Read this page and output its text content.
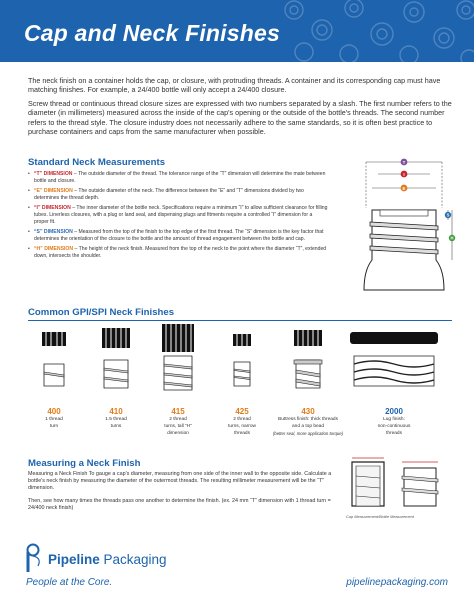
Cap and Neck Finishes

The neck finish on a container holds the cap, or closure, with protruding threads. A container and its corresponding cap must have matching finishes. For example, a 24/400 bottle will only accept a 24/400 closure.

Screw thread or continuous thread closure sizes are expressed with two numbers separated by a slash. The first number refers to the diameter (in millimeters) measured across the inside of the cap's opening or the outside of the bottle's threads. The second number refers to the thread style. The closure industry does not necessarily adhere to the same standards, so it is often best practice to purchase containers and caps from the same manufacturer when possible.

Standard Neck Measurements
• “T” DIMENSION – The outside diameter of the thread. The tolerance range of the “T” dimension will determine the mate between bottle and closure.
• “E” DIMENSION – The outside diameter of the neck. The difference between the “E” and “T” dimensions divided by two determines the thread depth.
• “I” DIMENSION – The inner diameter of the bottle neck. Specifications require a minimum “I” to allow sufficient clearance for filling tubes. Linerless closures, with a plug or land seal, and dispensing plugs and fitments require a controlled “I” dimension for a proper fit.
• “S” DIMENSION – Measured from the top of the finish to the top edge of the first thread. The “S” dimension is the key factor that determines the orientation of the closure to the bottle and the amount of thread engagement between the bottle and cap.
• “H” DIMENSION – The height of the neck finish. Measured from the top of the neck to the point where the diameter “T”, extended down, intersects the shoulder.
T
I
E
S
H
Common GPI/SPI Neck Finishes
400
1 thread
turn
410
1.5 thread
turns
415
2 thread
turns, tall “H”
dimension
425
2 thread
turns, narrow
threads
430
Buttress finish: thick threads
and a top bead
(better seal, more application torque)
2000
Lug finish:
non-continuous
threads
Measuring a Neck Finish

Measuring a Neck Finish To gauge a cap's diameter, measuring from one side of the inner wall to the opposite side. Calculate a bottle's neck finish by measuring the diameter of the outermost threads. The resulting millimeter measurement will be the “T” dimension.

Then, see how many times the threads pass one another to determine the finish. (ex. 24 mm “T” dimension with 1 thread turn = 24/400 neck finish)

Cap Measurement/Bottle Measurement
Pipeline Packaging
People at the Core.	pipelinepackaging.com
